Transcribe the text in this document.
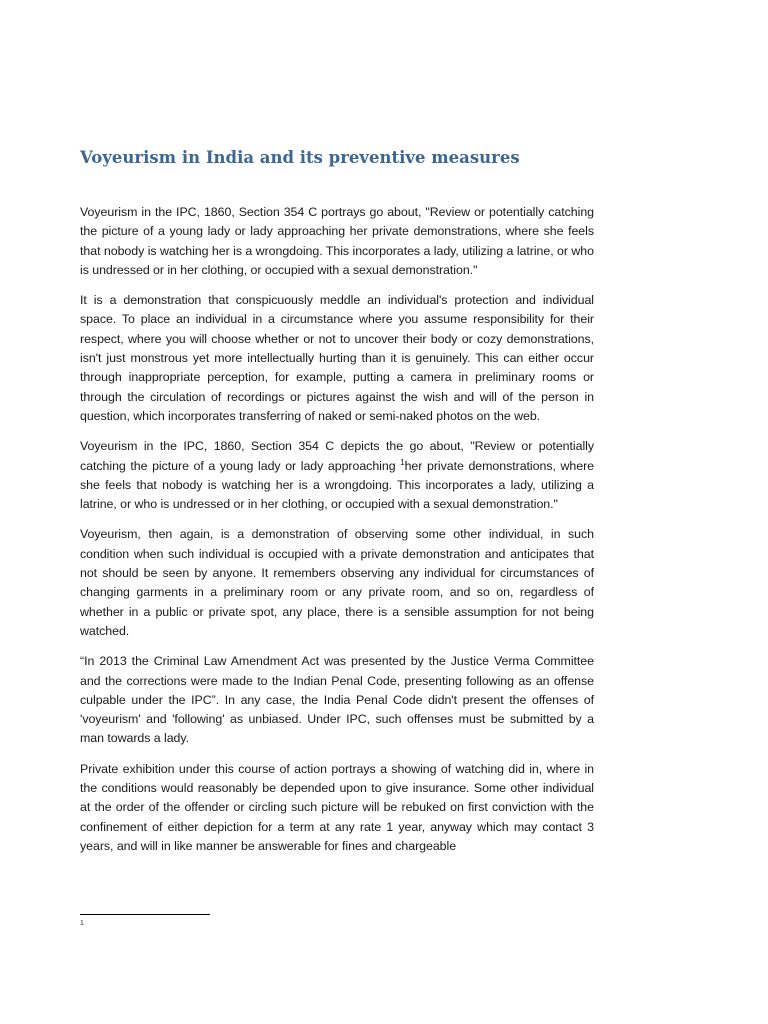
Voyeurism in India and its preventive measures

Voyeurism in the IPC, 1860, Section 354 C portrays go about, "Review or potentially catching the picture of a young lady or lady approaching her private demonstrations, where she feels that nobody is watching her is a wrongdoing. This incorporates a lady, utilizing a latrine, or who is undressed or in her clothing, or occupied with a sexual demonstration."

It is a demonstration that conspicuously meddle an individual's protection and individual space. To place an individual in a circumstance where you assume responsibility for their respect, where you will choose whether or not to uncover their body or cozy demonstrations, isn't just monstrous yet more intellectually hurting than it is genuinely. This can either occur through inappropriate perception, for example, putting a camera in preliminary rooms or through the circulation of recordings or pictures against the wish and will of the person in question, which incorporates transferring of naked or semi-naked photos on the web.

Voyeurism in the IPC, 1860, Section 354 C depicts the go about, "Review or potentially catching the picture of a young lady or lady approaching $^1$her private demonstrations, where she feels that nobody is watching her is a wrongdoing. This incorporates a lady, utilizing a latrine, or who is undressed or in her clothing, or occupied with a sexual demonstration."

Voyeurism, then again, is a demonstration of observing some other individual, in such condition when such individual is occupied with a private demonstration and anticipates that not should be seen by anyone. It remembers observing any individual for circumstances of changing garments in a preliminary room or any private room, and so on, regardless of whether in a public or private spot, any place, there is a sensible assumption for not being watched.

“In 2013 the Criminal Law Amendment Act was presented by the Justice Verma Committee and the corrections were made to the Indian Penal Code, presenting following as an offense culpable under the IPC”. In any case, the India Penal Code didn't present the offenses of 'voyeurism' and 'following' as unbiased. Under IPC, such offenses must be submitted by a man towards a lady.

Private exhibition under this course of action portrays a showing of watching did in, where in the conditions would reasonably be depended upon to give insurance. Some other individual at the order of the offender or circling such picture will be rebuked on first conviction with the confinement of either depiction for a term at any rate 1 year, anyway which may contact 3 years, and will in like manner be answerable for fines and chargeable

1
